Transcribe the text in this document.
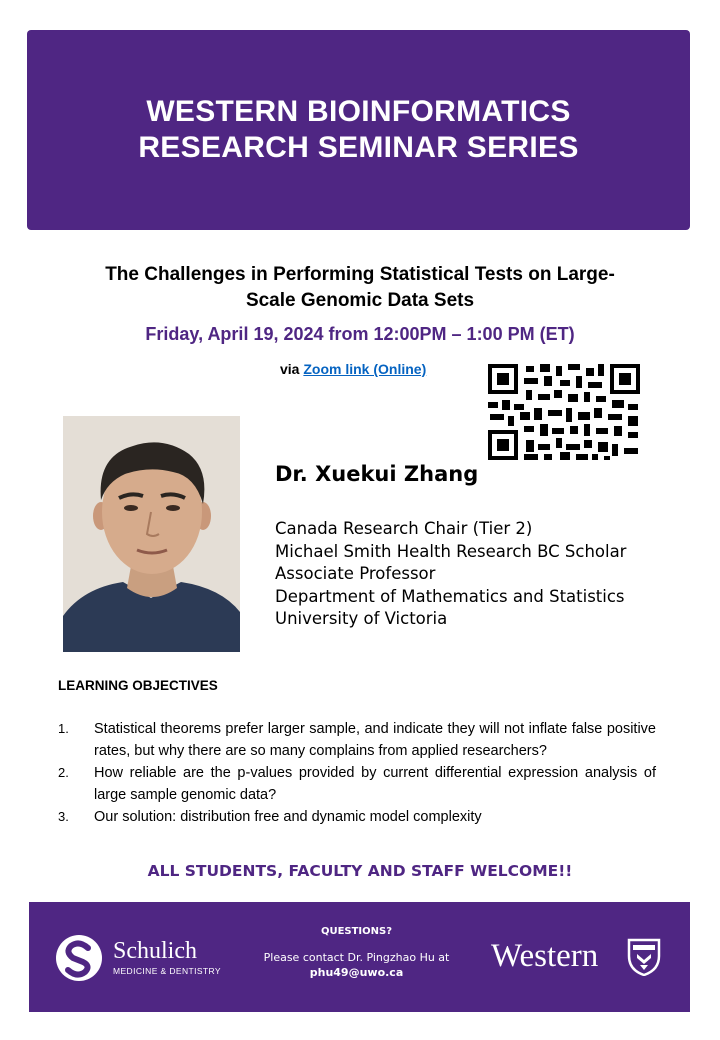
WESTERN BIOINFORMATICS
RESEARCH SEMINAR SERIES
The Challenges in Performing Statistical Tests on Large-
Scale Genomic Data Sets
Friday, April 19, 2024 from 12:00PM – 1:00 PM (ET)
via Zoom link (Online)
Dr. Xuekui Zhang
Canada Research Chair (Tier 2)
Michael Smith Health Research BC Scholar
Associate Professor
Department of Mathematics and Statistics
University of Victoria
LEARNING OBJECTIVES
1.	Statistical theorems prefer larger sample, and indicate they will not inflate false positive rates, but why there are so many complains from applied researchers?
2.	How reliable are the p-values provided by current differential expression analysis of large sample genomic data?
3.	Our solution: distribution free and dynamic model complexity
ALL STUDENTS, FACULTY AND STAFF WELCOME!!
Schulich
MEDICINE & DENTISTRY
QUESTIONS?
Please contact Dr. Pingzhao Hu at
phu49@uwo.ca	Western
